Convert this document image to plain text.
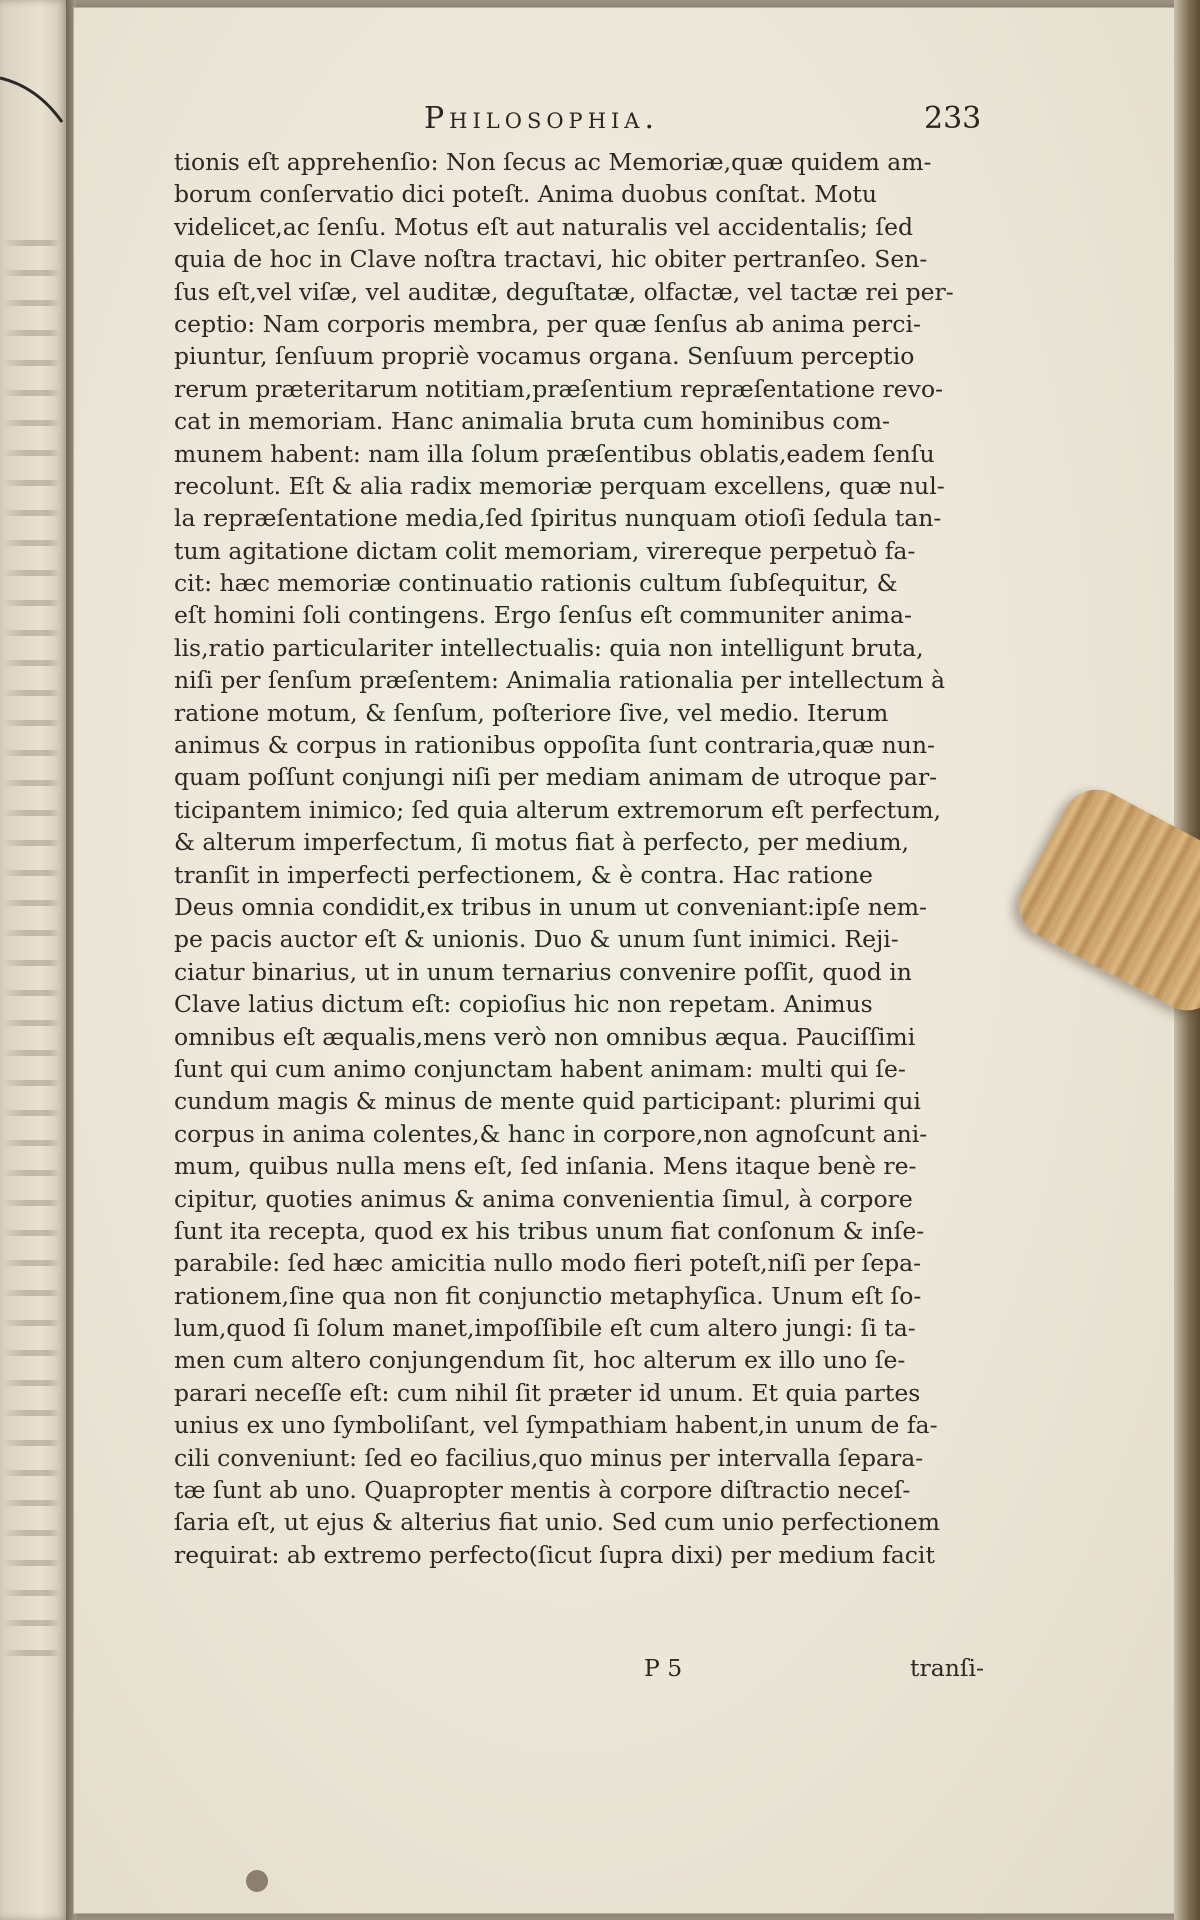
Philosophia.	233
tionis eſt apprehenſio: Non ſecus ac Memoriæ,quæ quidem am-
borum conſervatio dici poteſt. Anima duobus conſtat. Motu
videlicet,ac ſenſu. Motus eſt aut naturalis vel accidentalis; ſed
quia de hoc in Clave noſtra tractavi, hic obiter pertranſeo. Sen-
ſus eſt,vel viſæ, vel auditæ, deguſtatæ, olfactæ, vel tactæ rei per-
ceptio: Nam corporis membra, per quæ ſenſus ab anima perci-
piuntur, ſenſuum propriè vocamus organa. Senſuum perceptio
rerum præteritarum notitiam,præſentium repræſentatione revo-
cat in memoriam. Hanc animalia bruta cum hominibus com-
munem habent: nam illa ſolum præſentibus oblatis,eadem ſenſu
recolunt. Eſt & alia radix memoriæ perquam excellens, quæ nul-
la repræſentatione media,ſed ſpiritus nunquam otioſi ſedula tan-
tum agitatione dictam colit memoriam, virereque perpetuò fa-
cit: hæc memoriæ continuatio rationis cultum ſubſequitur, &
eſt homini ſoli contingens. Ergo ſenſus eſt communiter anima-
lis,ratio particulariter intellectualis: quia non intelligunt bruta,
niſi per ſenſum præſentem: Animalia rationalia per intellectum à
ratione motum, & ſenſum, poſteriore ſive, vel medio. Iterum
animus & corpus in rationibus oppoſita ſunt contraria,quæ nun-
quam poſſunt conjungi niſi per mediam animam de utroque par-
ticipantem inimico; ſed quia alterum extremorum eſt perfectum,
& alterum imperfectum, ſi motus fiat à perfecto, per medium,
tranſit in imperfecti perfectionem, & è contra. Hac ratione
Deus omnia condidit,ex tribus in unum ut conveniant:ipſe nem-
pe pacis auctor eſt & unionis. Duo & unum ſunt inimici. Reji-
ciatur binarius, ut in unum ternarius convenire poſſit, quod in
Clave latius dictum eſt: copioſius hic non repetam. Animus
omnibus eſt æqualis,mens verò non omnibus æqua. Pauciſſimi
ſunt qui cum animo conjunctam habent animam: multi qui ſe-
cundum magis & minus de mente quid participant: plurimi qui
corpus in anima colentes,& hanc in corpore,non agnoſcunt ani-
mum, quibus nulla mens eſt, ſed inſania. Mens itaque benè re-
cipitur, quoties animus & anima convenientia ſimul, à corpore
ſunt ita recepta, quod ex his tribus unum fiat conſonum & inſe-
parabile: ſed hæc amicitia nullo modo fieri poteſt,niſi per ſepa-
rationem,ſine qua non fit conjunctio metaphyſica. Unum eſt ſo-
lum,quod ſi ſolum manet,impoſſibile eſt cum altero jungi: ſi ta-
men cum altero conjungendum ſit, hoc alterum ex illo uno ſe-
parari neceſſe eſt: cum nihil ſit præter id unum. Et quia partes
unius ex uno ſymboliſant, vel ſympathiam habent,in unum de fa-
cili conveniunt: ſed eo facilius,quo minus per intervalla ſepara-
tæ ſunt ab uno. Quapropter mentis à corpore diſtractio neceſ-
ſaria eſt, ut ejus & alterius fiat unio. Sed cum unio perfectionem
requirat: ab extremo perfecto(ſicut ſupra dixi) per medium facit
P 5	tranſi-
